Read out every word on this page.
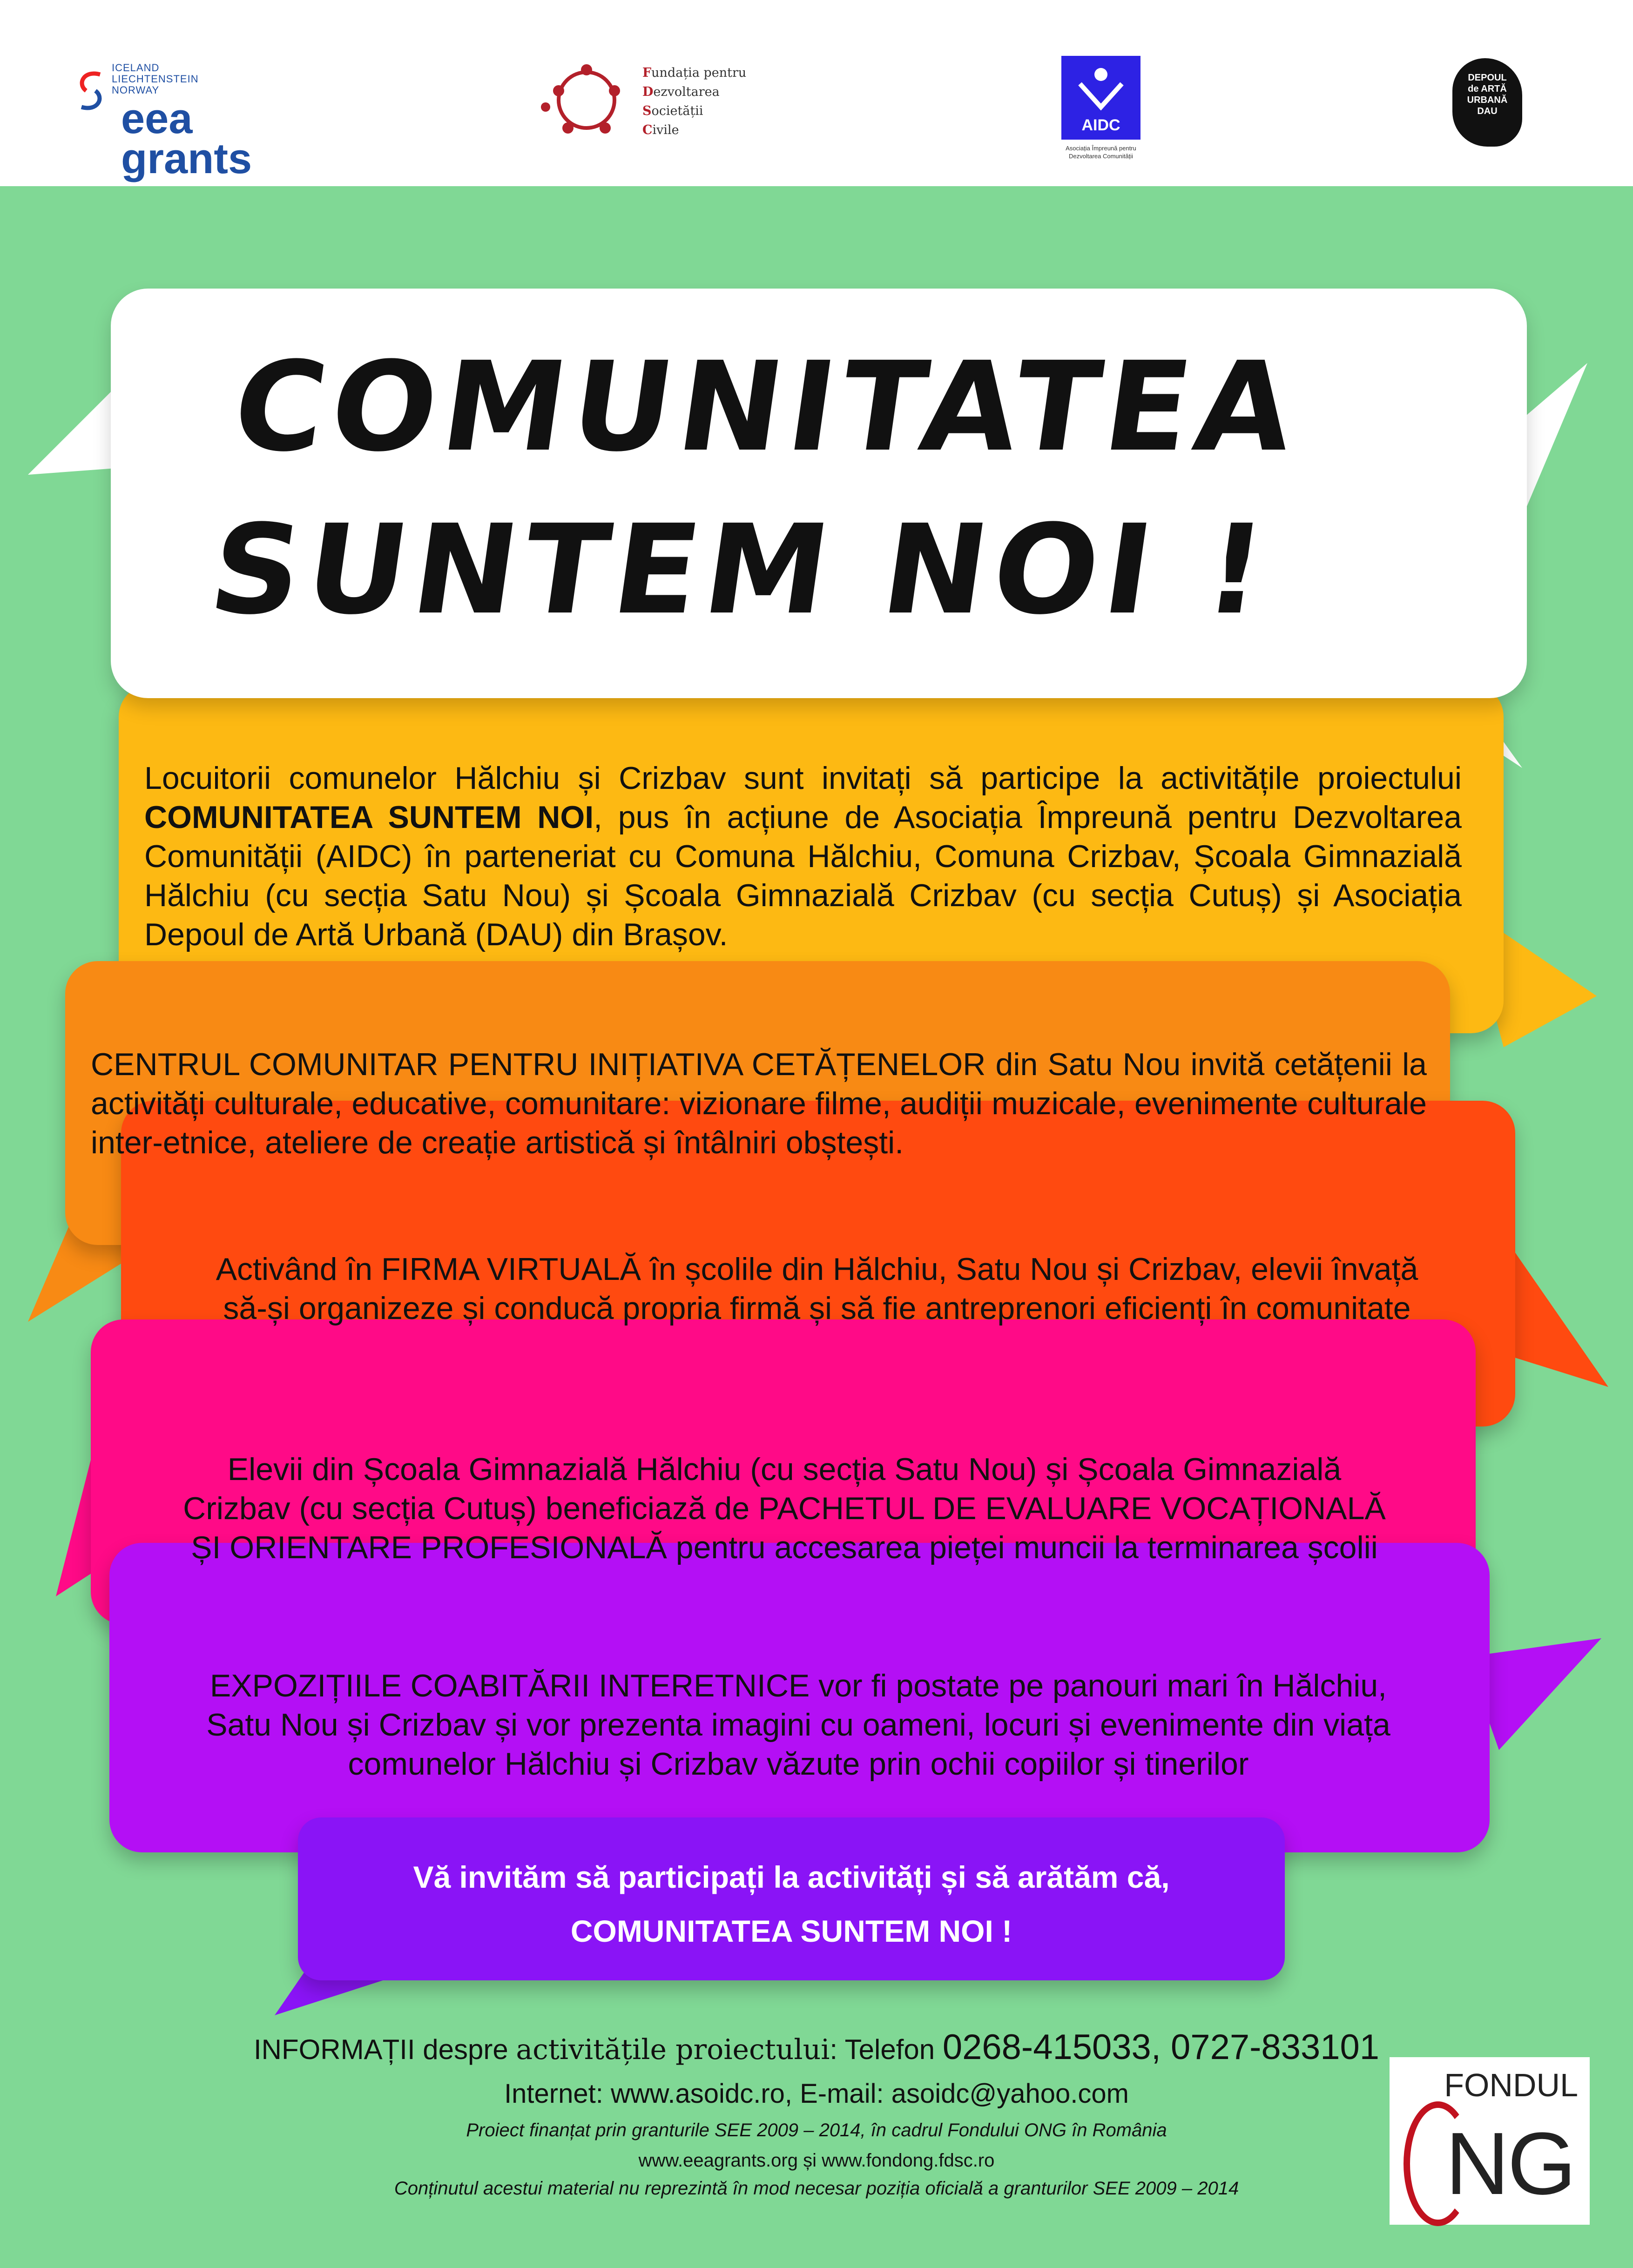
ICELAND
LIECHTENSTEIN
NORWAY
eea
grants
Fundația pentru
Dezvoltarea
Societății
Civile	AIDC
Asociația Împreună pentru Dezvoltarea Comunității
DEPOUL
de ARTĂ
URBANĂ
DAU
COMUNITATEA
SUNTEM NOI !
Locuitorii comunelor Hălchiu și Crizbav sunt invitați să participe la activitățile proiectului COMUNITATEA SUNTEM NOI, pus în acțiune de Asociația Împreună pentru Dezvoltarea Comunității (AIDC) în parteneriat cu Comuna Hălchiu, Comuna Crizbav, Școala Gimnazială Hălchiu (cu secția Satu Nou) și Școala Gimnazială Crizbav (cu secția Cutuș) și Asociația Depoul de Artă Urbană (DAU) din Brașov.
CENTRUL COMUNITAR PENTRU INIȚIATIVA CETĂȚENELOR din Satu Nou invită cetățenii la activități culturale, educative, comunitare: vizionare filme, audiții muzicale, evenimente culturale inter-etnice, ateliere de creație artistică și întâlniri obștești.
Activând în FIRMA VIRTUALĂ în școlile din Hălchiu, Satu Nou și Crizbav, elevii învață
să-și organizeze și conducă propria firmă și să fie antreprenori eficienți în comunitate
Elevii din Școala Gimnazială Hălchiu (cu secția Satu Nou) și Școala Gimnazială
Crizbav (cu secția Cutuș) beneficiază de PACHETUL DE EVALUARE VOCAȚIONALĂ
ȘI ORIENTARE PROFESIONALĂ pentru accesarea pieței muncii la terminarea școlii
EXPOZIȚIILE COABITĂRII INTERETNICE vor fi postate pe panouri mari în Hălchiu,
Satu Nou și Crizbav și vor prezenta imagini cu oameni, locuri și evenimente din viața
comunelor Hălchiu și Crizbav văzute prin ochii copiilor și tinerilor
Vă invităm să participați la activități și să arătăm că,
COMUNITATEA SUNTEM NOI !
INFORMAȚII despre activitățile proiectului: Telefon 0268-415033, 0727-833101
Internet: www.asoidc.ro, E-mail: asoidc@yahoo.com
Proiect finanțat prin granturile SEE 2009 – 2014, în cadrul Fondului ONG în România
www.eeagrants.org și www.fondong.fdsc.ro
Conținutul acestui material nu reprezintă în mod necesar poziția oficială a granturilor SEE 2009 – 2014
FONDUL
NG
